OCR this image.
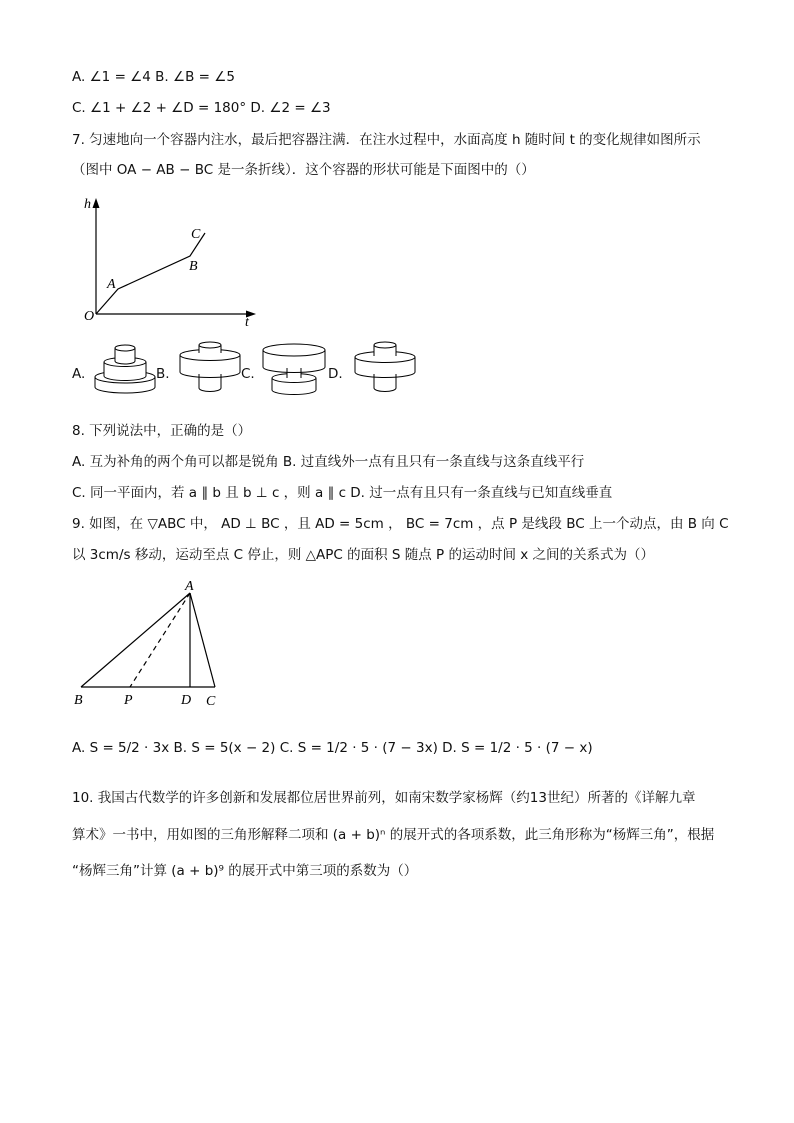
A. ∠1 = ∠4 B. ∠B = ∠5
C. ∠1 + ∠2 + ∠D = 180° D. ∠2 = ∠3
7. 匀速地向一个容器内注水，最后把容器注满．在注水过程中，水面高度 h 随时间 t 的变化规律如图所示
（图中 OA − AB − BC 是一条折线）．这个容器的形状可能是下面图中的（）
h
t
O
A
B
C
A.	B.	C.	D.
8. 下列说法中，正确的是（）
A. 互为补角的两个角可以都是锐角 B. 过直线外一点有且只有一条直线与这条直线平行
C. 同一平面内，若 a ∥ b 且 b ⊥ c ，则 a ∥ c D. 过一点有且只有一条直线与已知直线垂直
9. 如图，在 ▽ABC 中， AD ⊥ BC ，且 AD = 5cm ， BC = 7cm ，点 P 是线段 BC 上一个动点，由 B 向 C
以 3cm/s 移动，运动至点 C 停止，则 △APC 的面积 S 随点 P 的运动时间 x 之间的关系式为（）
A
B	P	D C
A. S = 5/2 · 3x B. S = 5(x − 2) C. S = 1/2 · 5 · (7 − 3x) D. S = 1/2 · 5 · (7 − x)
10. 我国古代数学的许多创新和发展都位居世界前列，如南宋数学家杨辉（约13世纪）所著的《详解九章
算术》一书中，用如图的三角形解释二项和 (a + b)ⁿ 的展开式的各项系数，此三角形称为“杨辉三角”，根据
“杨辉三角”计算 (a + b)⁹ 的展开式中第三项的系数为（）
